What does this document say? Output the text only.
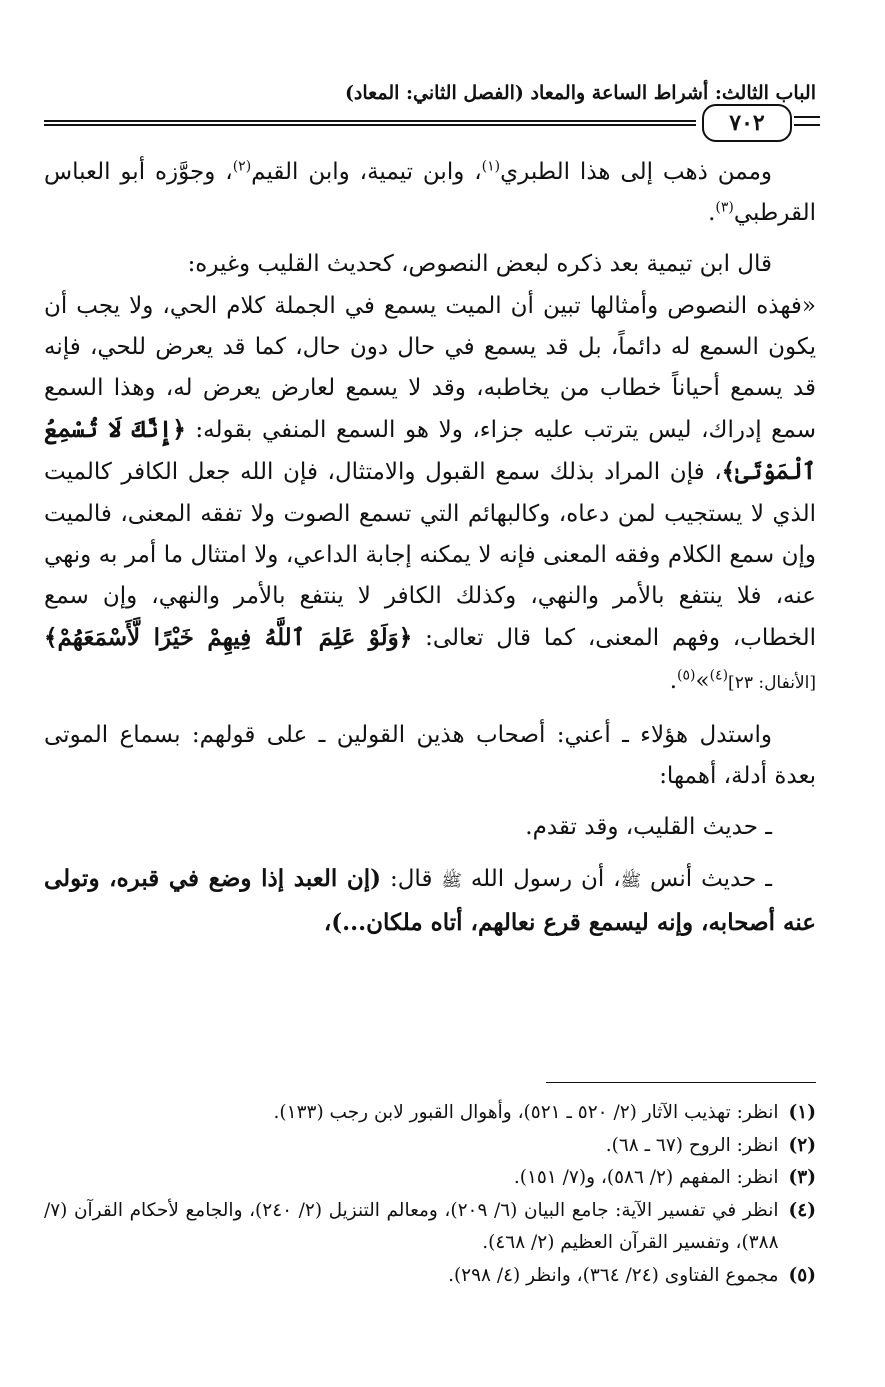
الباب الثالث: أشراط الساعة والمعاد (الفصل الثاني: المعاد)
٧٠٢

وممن ذهب إلى هذا الطبري$^{(١)}$، وابن تيمية، وابن القيم$^{(٢)}$، وجوَّزه أبو العباس القرطبي$^{(٣)}$.

قال ابن تيمية بعد ذكره لبعض النصوص، كحديث القليب وغيره:

«فهذه النصوص وأمثالها تبين أن الميت يسمع في الجملة كلام الحي، ولا يجب أن يكون السمع له دائماً، بل قد يسمع في حال دون حال، كما قد يعرض للحي، فإنه قد يسمع أحياناً خطاب من يخاطبه، وقد لا يسمع لعارض يعرض له، وهذا السمع سمع إدراك، ليس يترتب عليه جزاء، ولا هو السمع المنفي بقوله: ﴿إِنَّكَ لَا تُسْمِعُ ٱلْمَوْتَىٰ﴾، فإن المراد بذلك سمع القبول والامتثال، فإن الله جعل الكافر كالميت الذي لا يستجيب لمن دعاه، وكالبهائم التي تسمع الصوت ولا تفقه المعنى، فالميت وإن سمع الكلام وفقه المعنى فإنه لا يمكنه إجابة الداعي، ولا امتثال ما أمر به ونهي عنه، فلا ينتفع بالأمر والنهي، وكذلك الكافر لا ينتفع بالأمر والنهي، وإن سمع الخطاب، وفهم المعنى، كما قال تعالى: ﴿وَلَوْ عَلِمَ ٱللَّهُ فِيهِمْ خَيْرًا لَّأَسْمَعَهُمْ﴾ [الأنفال: ٢٣]$^{(٤)}$»$^{(٥)}$.

واستدل هؤلاء ـ أعني: أصحاب هذين القولين ـ على قولهم: بسماع الموتى بعدة أدلة، أهمها:

ـ حديث القليب، وقد تقدم.

ـ حديث أنس ﷺ، أن رسول الله ﷺ قال: (إن العبد إذا وضع في قبره، وتولى عنه أصحابه، وإنه ليسمع قرع نعالهم، أتاه ملكان...)،

(١)
انظر: تهذيب الآثار (٢/ ٥٢٠ ـ ٥٢١)، وأهوال القبور لابن رجب (١٣٣).
(٢)
انظر: الروح (٦٧ ـ ٦٨).
(٣)
انظر: المفهم (٢/ ٥٨٦)، و(٧/ ١٥١).
(٤)
انظر في تفسير الآية: جامع البيان (٦/ ٢٠٩)، ومعالم التنزيل (٢/ ٢٤٠)، والجامع لأحكام القرآن (٧/ ٣٨٨)، وتفسير القرآن العظيم (٢/ ٤٦٨).
(٥)
مجموع الفتاوى (٢٤/ ٣٦٤)، وانظر (٤/ ٢٩٨).
